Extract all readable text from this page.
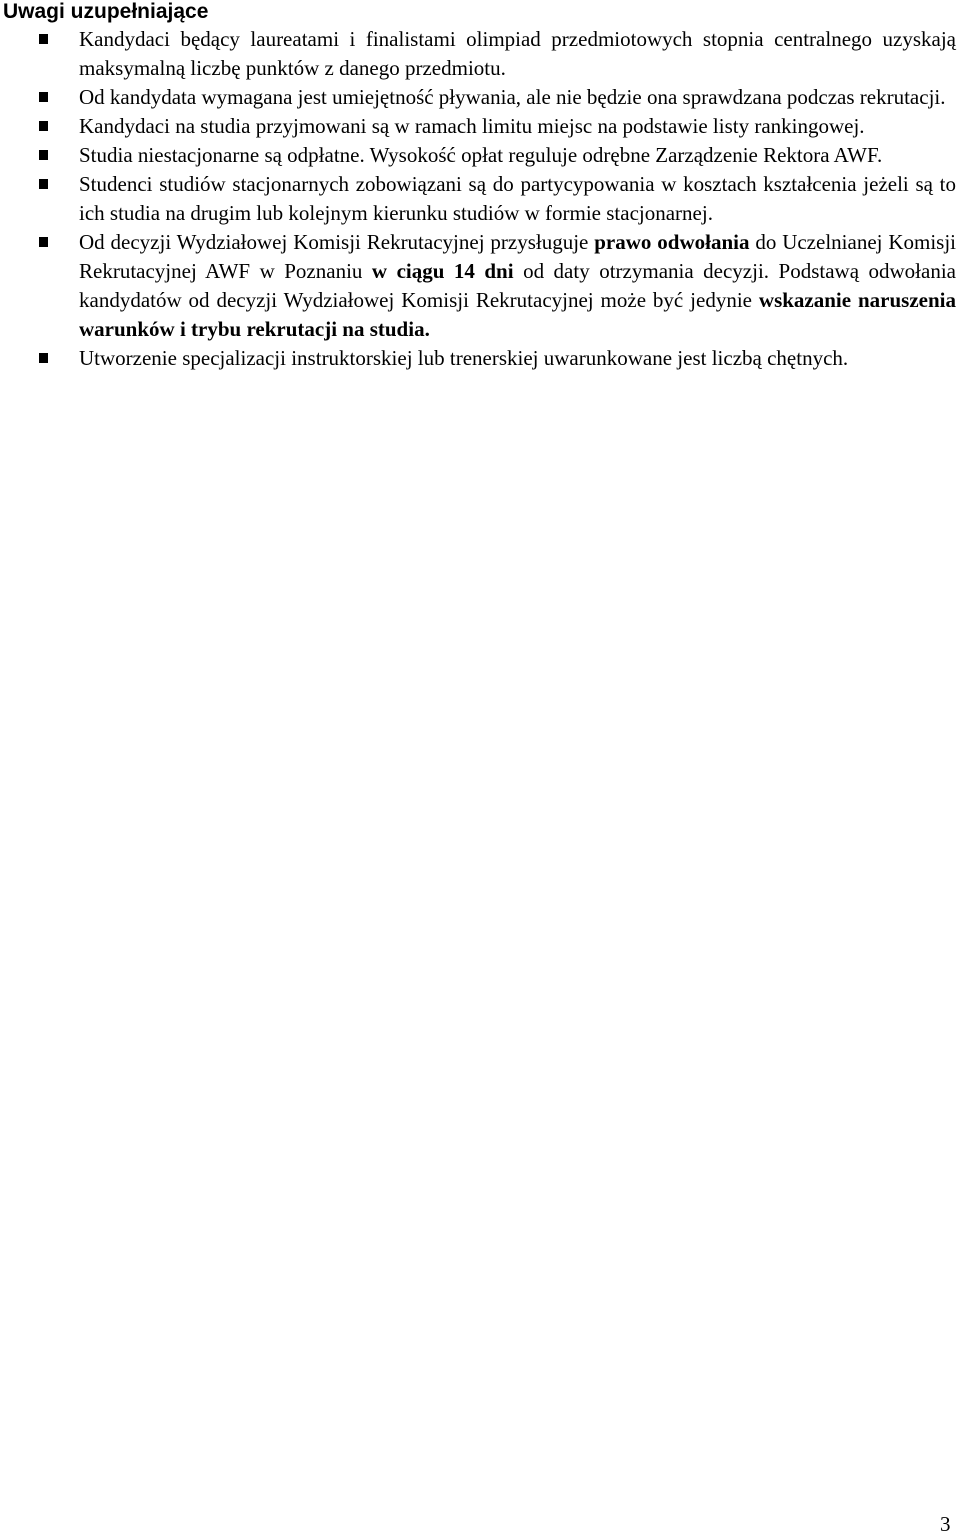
Uwagi uzupełniające
Kandydaci będący laureatami i finalistami olimpiad przedmiotowych stopnia centralnego uzyskają maksymalną liczbę punktów z danego przedmiotu.
Od kandydata wymagana jest umiejętność pływania, ale nie będzie ona sprawdzana podczas rekrutacji.
Kandydaci na studia przyjmowani są w ramach limitu miejsc na podstawie listy rankingowej.
Studia niestacjonarne są odpłatne. Wysokość opłat reguluje odrębne Zarządzenie Rektora AWF.
Studenci studiów stacjonarnych zobowiązani są do partycypowania w kosztach kształcenia jeżeli są to ich studia na drugim lub kolejnym kierunku studiów w formie stacjonarnej.
Od decyzji Wydziałowej Komisji Rekrutacyjnej przysługuje prawo odwołania do Uczelnianej Komisji Rekrutacyjnej AWF w Poznaniu w ciągu 14 dni od daty otrzymania decyzji. Podstawą odwołania kandydatów od decyzji Wydziałowej Komisji Rekrutacyjnej może być jedynie wskazanie naruszenia warunków i trybu rekrutacji na studia.
Utworzenie specjalizacji instruktorskiej lub trenerskiej uwarunkowane jest liczbą chętnych.
3
